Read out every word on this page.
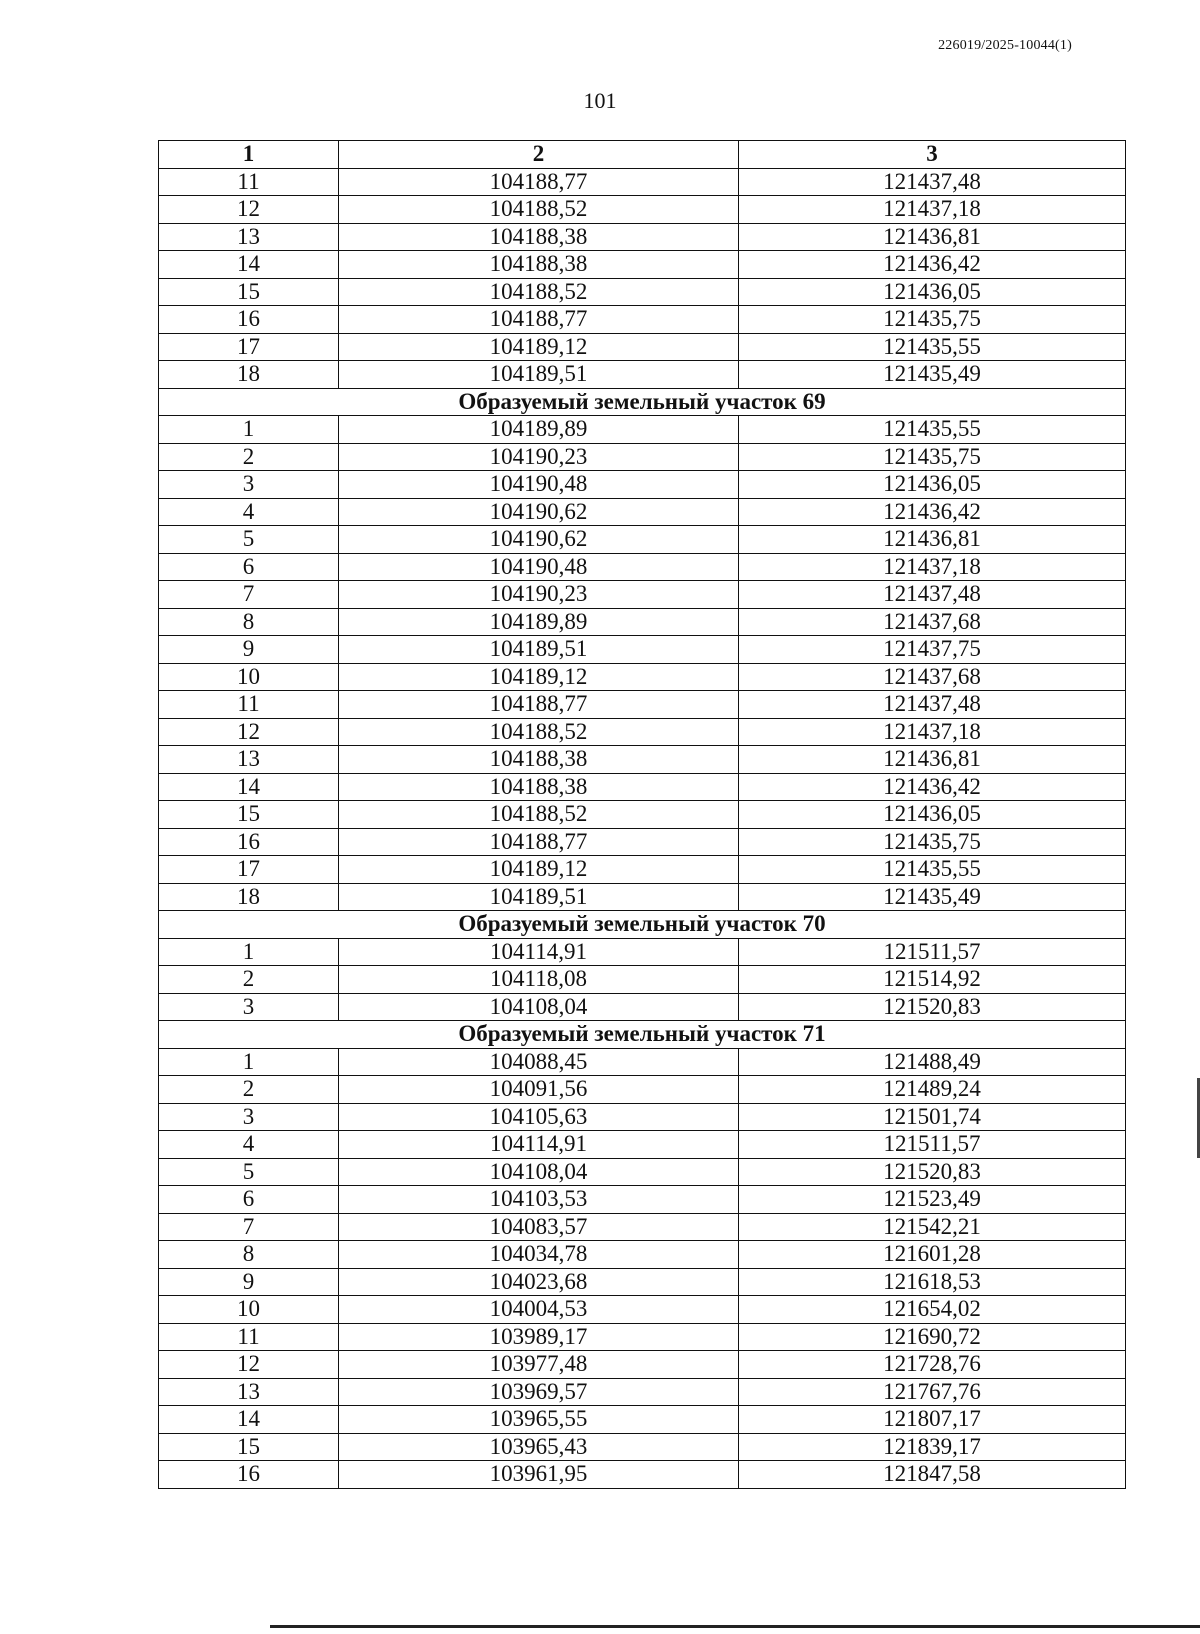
226019/2025-10044(1)
101
1	2	3
11	104188,77	121437,48
12	104188,52	121437,18
13	104188,38	121436,81
14	104188,38	121436,42
15	104188,52	121436,05
16	104188,77	121435,75
17	104189,12	121435,55
18	104189,51	121435,49
Образуемый земельный участок 69		
1	104189,89	121435,55
2	104190,23	121435,75
3	104190,48	121436,05
4	104190,62	121436,42
5	104190,62	121436,81
6	104190,48	121437,18
7	104190,23	121437,48
8	104189,89	121437,68
9	104189,51	121437,75
10	104189,12	121437,68
11	104188,77	121437,48
12	104188,52	121437,18
13	104188,38	121436,81
14	104188,38	121436,42
15	104188,52	121436,05
16	104188,77	121435,75
17	104189,12	121435,55
18	104189,51	121435,49
Образуемый земельный участок 70		
1	104114,91	121511,57
2	104118,08	121514,92
3	104108,04	121520,83
Образуемый земельный участок 71		
1	104088,45	121488,49
2	104091,56	121489,24
3	104105,63	121501,74
4	104114,91	121511,57
5	104108,04	121520,83
6	104103,53	121523,49
7	104083,57	121542,21
8	104034,78	121601,28
9	104023,68	121618,53
10	104004,53	121654,02
11	103989,17	121690,72
12	103977,48	121728,76
13	103969,57	121767,76
14	103965,55	121807,17
15	103965,43	121839,17
16	103961,95	121847,58
